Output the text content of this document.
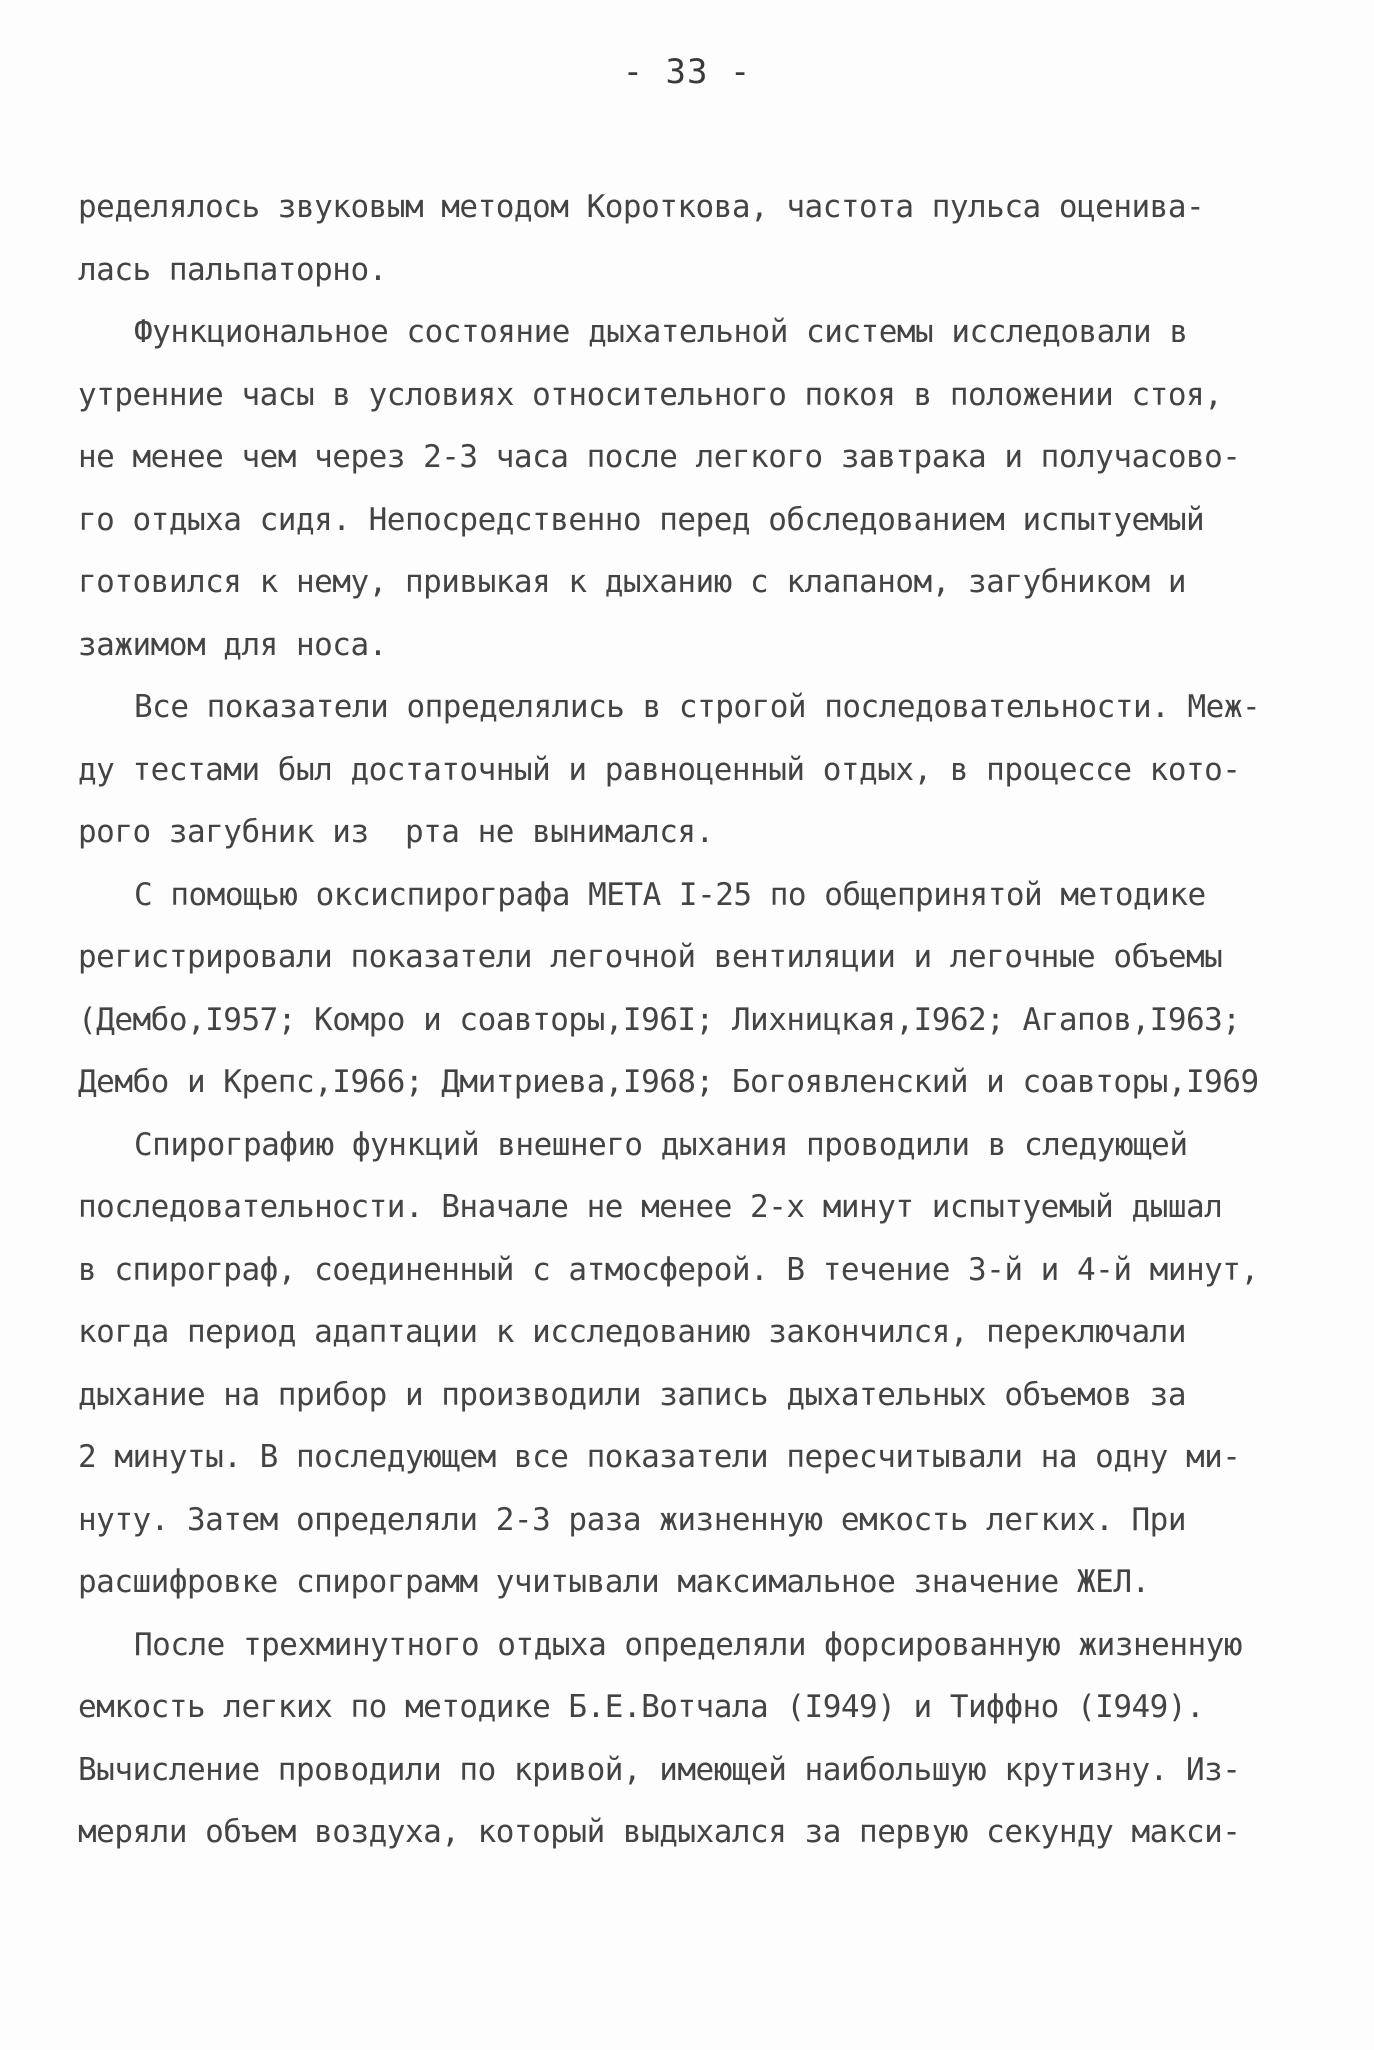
- 33 -
ределялось звуковым методом Короткова, частота пульса оценива-
лась пальпаторно.
Функциональное состояние дыхательной системы исследовали в
утренние часы в условиях относительного покоя в положении стоя,
не менее чем через 2-3 часа после легкого завтрака и получасово-
го отдыха сидя. Непосредственно перед обследованием испытуемый
готовился к нему, привыкая к дыханию с клапаном, загубником и
зажимом для носа.
Все показатели определялись в строгой последовательности. Меж-
ду тестами был достаточный и равноценный отдых, в процессе кото-
рого загубник из  рта не вынимался.
С помощью оксиспирографа МЕТА I-25 по общепринятой методике
регистрировали показатели легочной вентиляции и легочные объемы
(Дембо,I957; Комро и соавторы,I96I; Лихницкая,I962; Агапов,I963;
Дембо и Крепс,I966; Дмитриева,I968; Богоявленский и соавторы,I969
Спирографию функций внешнего дыхания проводили в следующей
последовательности. Вначале не менее 2-х минут испытуемый дышал
в спирограф, соединенный с атмосферой. В течение 3-й и 4-й минут,
когда период адаптации к исследованию закончился, переключали
дыхание на прибор и производили запись дыхательных объемов за
2 минуты. В последующем все показатели пересчитывали на одну ми-
нуту. Затем определяли 2-3 раза жизненную емкость легких. При
расшифровке спирограмм учитывали максимальное значение ЖЕЛ.
После трехминутного отдыха определяли форсированную жизненную
емкость легких по методике Б.Е.Вотчала (I949) и Тиффно (I949).
Вычисление проводили по кривой, имеющей наибольшую крутизну. Из-
меряли объем воздуха, который выдыхался за первую секунду макси-
